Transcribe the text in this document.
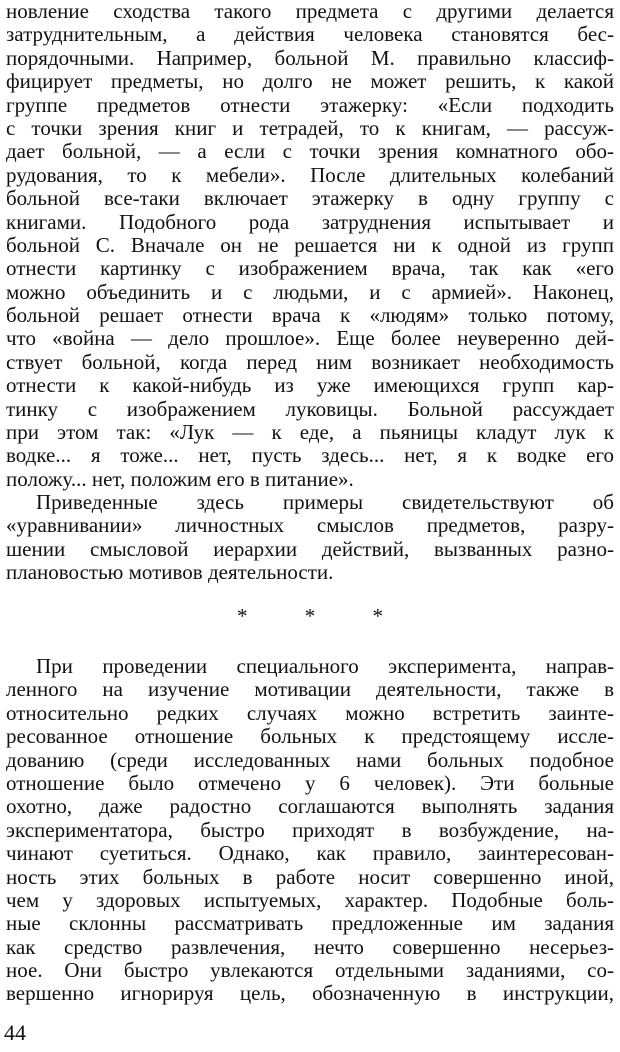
новление сходства такого предмета с другими делается
затруднительным, а действия человека становятся бес-
порядочными. Например, больной М. правильно классиф-
фицирует предметы, но долго не может решить, к какой
группе предметов отнести этажерку: «Если подходить
с точки зрения книг и тетрадей, то к книгам, — рассуж-
дает больной, — а если с точки зрения комнатного обо-
рудования, то к мебели». После длительных колебаний
больной все-таки включает этажерку в одну группу с
книгами. Подобного рода затруднения испытывает и
больной С. Вначале он не решается ни к одной из групп
отнести картинку с изображением врача, так как «его
можно объединить и с людьми, и с армией». Наконец,
больной решает отнести врача к «людям» только потому,
что «война — дело прошлое». Еще более неуверенно дей-
ствует больной, когда перед ним возникает необходимость
отнести к какой-нибудь из уже имеющихся групп кар-
тинку с изображением луковицы. Больной рассуждает
при этом так: «Лук — к еде, а пьяницы кладут лук к
водке... я тоже... нет, пусть здесь... нет, я к водке его
положу... нет, положим его в питание».
Приведенные здесь примеры свидетельствуют об
«уравнивании» личностных смыслов предметов, разру-
шении смысловой иерархии действий, вызванных разно-
плановостью мотивов деятельности.
* * *
При проведении специального эксперимента, направ-
ленного на изучение мотивации деятельности, также в
относительно редких случаях можно встретить заинте-
ресованное отношение больных к предстоящему иссле-
дованию (среди исследованных нами больных подобное
отношение было отмечено у 6 человек). Эти больные
охотно, даже радостно соглашаются выполнять задания
экспериментатора, быстро приходят в возбуждение, на-
чинают суетиться. Однако, как правило, заинтересован-
ность этих больных в работе носит совершенно иной,
чем у здоровых испытуемых, характер. Подобные боль-
ные склонны рассматривать предложенные им задания
как средство развлечения, нечто совершенно несерьез-
ное. Они быстро увлекаются отдельными заданиями, со-
вершенно игнорируя цель, обозначенную в инструкции,
44
